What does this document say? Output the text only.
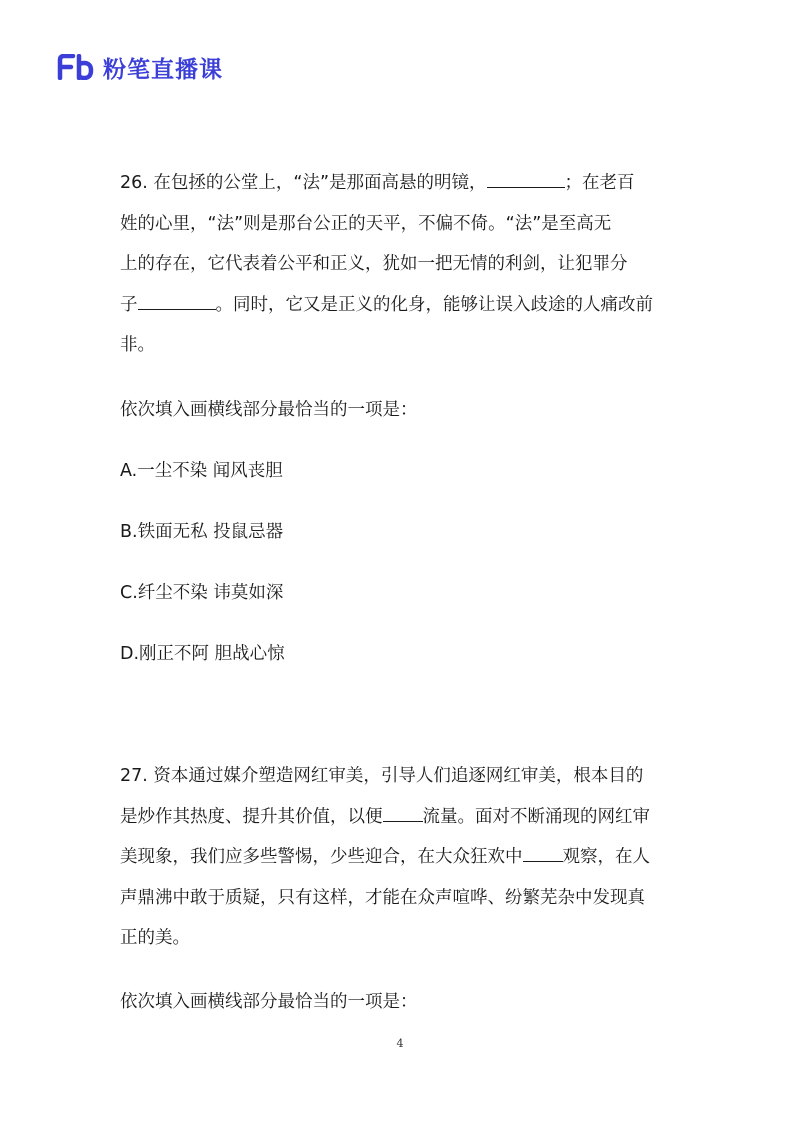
粉笔直播课

26. 在包拯的公堂上，“法”是那面高悬的明镜，	；在老百
姓的心里，“法”则是那台公正的天平，不偏不倚。“法”是至高无
上的存在，它代表着公平和正义，犹如一把无情的利剑，让犯罪分
子	。同时，它又是正义的化身，能够让误入歧途的人痛改前
非。

依次填入画横线部分最恰当的一项是：

A.一尘不染 闻风丧胆

B.铁面无私 投鼠忌器

C.纤尘不染 讳莫如深

D.刚正不阿 胆战心惊

27. 资本通过媒介塑造网红审美，引导人们追逐网红审美，根本目的
是炒作其热度、提升其价值，以便 流量。面对不断涌现的网红审
美现象，我们应多些警惕，少些迎合，在大众狂欢中 观察，在人
声鼎沸中敢于质疑，只有这样，才能在众声喧哗、纷繁芜杂中发现真
正的美。

依次填入画横线部分最恰当的一项是：

4
